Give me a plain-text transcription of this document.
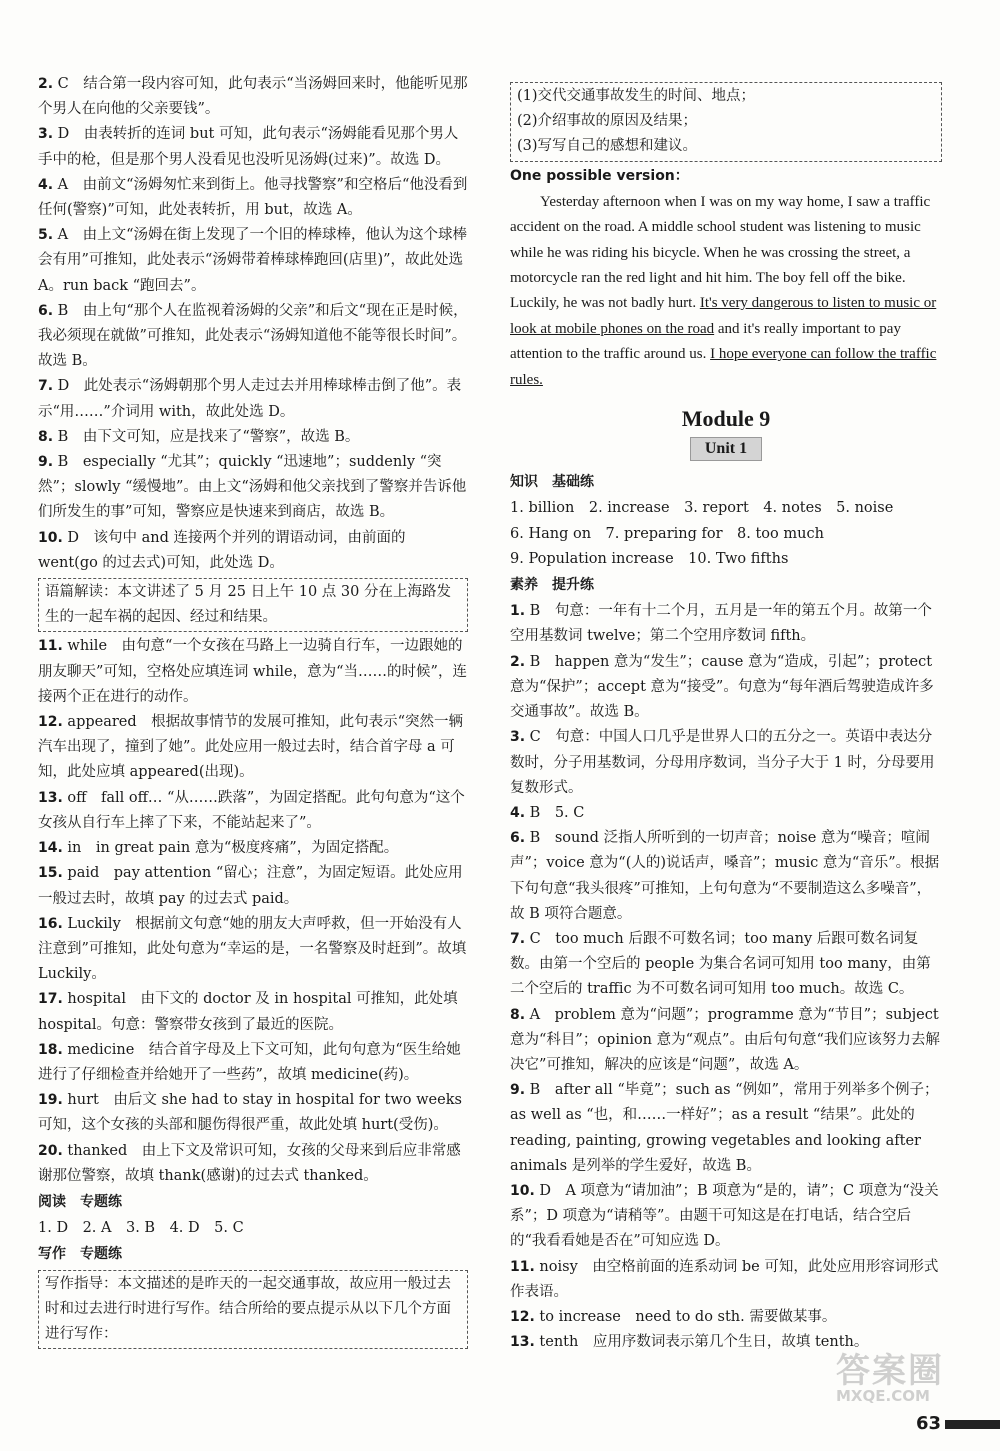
2. C　结合第一段内容可知，此句表示“当汤姆回来时，他能听见那个男人在向他的父亲要钱”。

3. D　由表转折的连词 but 可知，此句表示“汤姆能看见那个男人手中的枪，但是那个男人没看见也没听见汤姆(过来)”。故选 D。

4. A　由前文“汤姆匆忙来到街上。他寻找警察”和空格后“他没看到任何(警察)”可知，此处表转折，用 but，故选 A。

5. A　由上文“汤姆在街上发现了一个旧的棒球棒，他认为这个球棒会有用”可推知，此处表示“汤姆带着棒球棒跑回(店里)”，故此处选 A。run back “跑回去”。

6. B　由上句“那个人在监视着汤姆的父亲”和后文“现在正是时候，我必须现在就做”可推知，此处表示“汤姆知道他不能等很长时间”。故选 B。

7. D　此处表示“汤姆朝那个男人走过去并用棒球棒击倒了他”。表示“用……”介词用 with，故此处选 D。

8. B　由下文可知，应是找来了“警察”，故选 B。

9. B　especially “尤其”；quickly “迅速地”；suddenly “突然”；slowly “缓慢地”。由上文“汤姆和他父亲找到了警察并告诉他们所发生的事”可知，警察应是快速来到商店，故选 B。

10. D　该句中 and 连接两个并列的谓语动词，由前面的 went(go 的过去式)可知，此处选 D。

语篇解读：本文讲述了 5 月 25 日上午 10 点 30 分在上海路发生的一起车祸的起因、经过和结果。

11. while　由句意“一个女孩在马路上一边骑自行车，一边跟她的朋友聊天”可知，空格处应填连词 while，意为“当……的时候”，连接两个正在进行的动作。

12. appeared　根据故事情节的发展可推知，此句表示“突然一辆汽车出现了，撞到了她”。此处应用一般过去时，结合首字母 a 可知，此处应填 appeared(出现)。

13. off　fall off… “从……跌落”，为固定搭配。此句句意为“这个女孩从自行车上摔了下来，不能站起来了”。

14. in　in great pain 意为“极度疼痛”，为固定搭配。

15. paid　pay attention “留心；注意”，为固定短语。此处应用一般过去时，故填 pay 的过去式 paid。

16. Luckily　根据前文句意“她的朋友大声呼救，但一开始没有人注意到”可推知，此处句意为“幸运的是，一名警察及时赶到”。故填 Luckily。

17. hospital　由下文的 doctor 及 in hospital 可推知，此处填 hospital。句意：警察带女孩到了最近的医院。

18. medicine　结合首字母及上下文可知，此句句意为“医生给她进行了仔细检查并给她开了一些药”，故填 medicine(药)。

19. hurt　由后文 she had to stay in hospital for two weeks 可知，这个女孩的头部和腿伤得很严重，故此处填 hurt(受伤)。

20. thanked　由上下文及常识可知，女孩的父母来到后应非常感谢那位警察，故填 thank(感谢)的过去式 thanked。

阅读　专题练
1. D　2. A　3. B　4. D　5. C
写作　专题练
写作指导：本文描述的是昨天的一起交通事故，故应用一般过去时和过去进行时进行写作。结合所给的要点提示从以下几个方面进行写作：
(1)交代交通事故发生的时间、地点；
(2)介绍事故的原因及结果；
(3)写写自己的感想和建议。
One possible version：

Yesterday afternoon when I was on my way home, I saw a traffic accident on the road. A middle school student was listening to music while he was riding his bicycle. When he was crossing the street, a motorcycle ran the red light and hit him. The boy fell off the bike. Luckily, he was not badly hurt. It's very dangerous to listen to music or look at mobile phones on the road and it's really important to pay attention to the traffic around us. I hope everyone can follow the traffic rules.

Module 9
Unit 1
知识　基础练
1. billion　2. increase　3. report　4. notes　5. noise
6. Hang on　7. preparing for　8. too much
9. Population increase　10. Two fifths
素养　提升练

1. B　句意：一年有十二个月，五月是一年的第五个月。故第一个空用基数词 twelve；第二个空用序数词 fifth。

2. B　happen 意为“发生”；cause 意为“造成，引起”；protect 意为“保护”；accept 意为“接受”。句意为“每年酒后驾驶造成许多交通事故”。故选 B。

3. C　句意：中国人口几乎是世界人口的五分之一。英语中表达分数时，分子用基数词，分母用序数词，当分子大于 1 时，分母要用复数形式。

4. B　5. C

6. B　sound 泛指人所听到的一切声音；noise 意为“噪音；喧闹声”；voice 意为“(人的)说话声，嗓音”；music 意为“音乐”。根据下句句意“我头很疼”可推知，上句句意为“不要制造这么多噪音”，故 B 项符合题意。

7. C　too much 后跟不可数名词；too many 后跟可数名词复数。由第一个空后的 people 为集合名词可知用 too many，由第二个空后的 traffic 为不可数名词可知用 too much。故选 C。

8. A　problem 意为“问题”；programme 意为“节目”；subject 意为“科目”；opinion 意为“观点”。由后句句意“我们应该努力去解决它”可推知，解决的应该是“问题”，故选 A。

9. B　after all “毕竟”；such as “例如”，常用于列举多个例子；as well as “也，和……一样好”；as a result “结果”。此处的 reading, painting, growing vegetables and looking after animals 是列举的学生爱好，故选 B。

10. D　A 项意为“请加油”；B 项意为“是的，请”；C 项意为“没关系”；D 项意为“请稍等”。由题干可知这是在打电话，结合空后的“我看看她是否在”可知应选 D。

11. noisy　由空格前面的连系动词 be 可知，此处应用形容词形式作表语。

12. to increase　need to do sth. 需要做某事。

13. tenth　应用序数词表示第几个生日，故填 tenth。

答案圈
MXQE.COM
63
